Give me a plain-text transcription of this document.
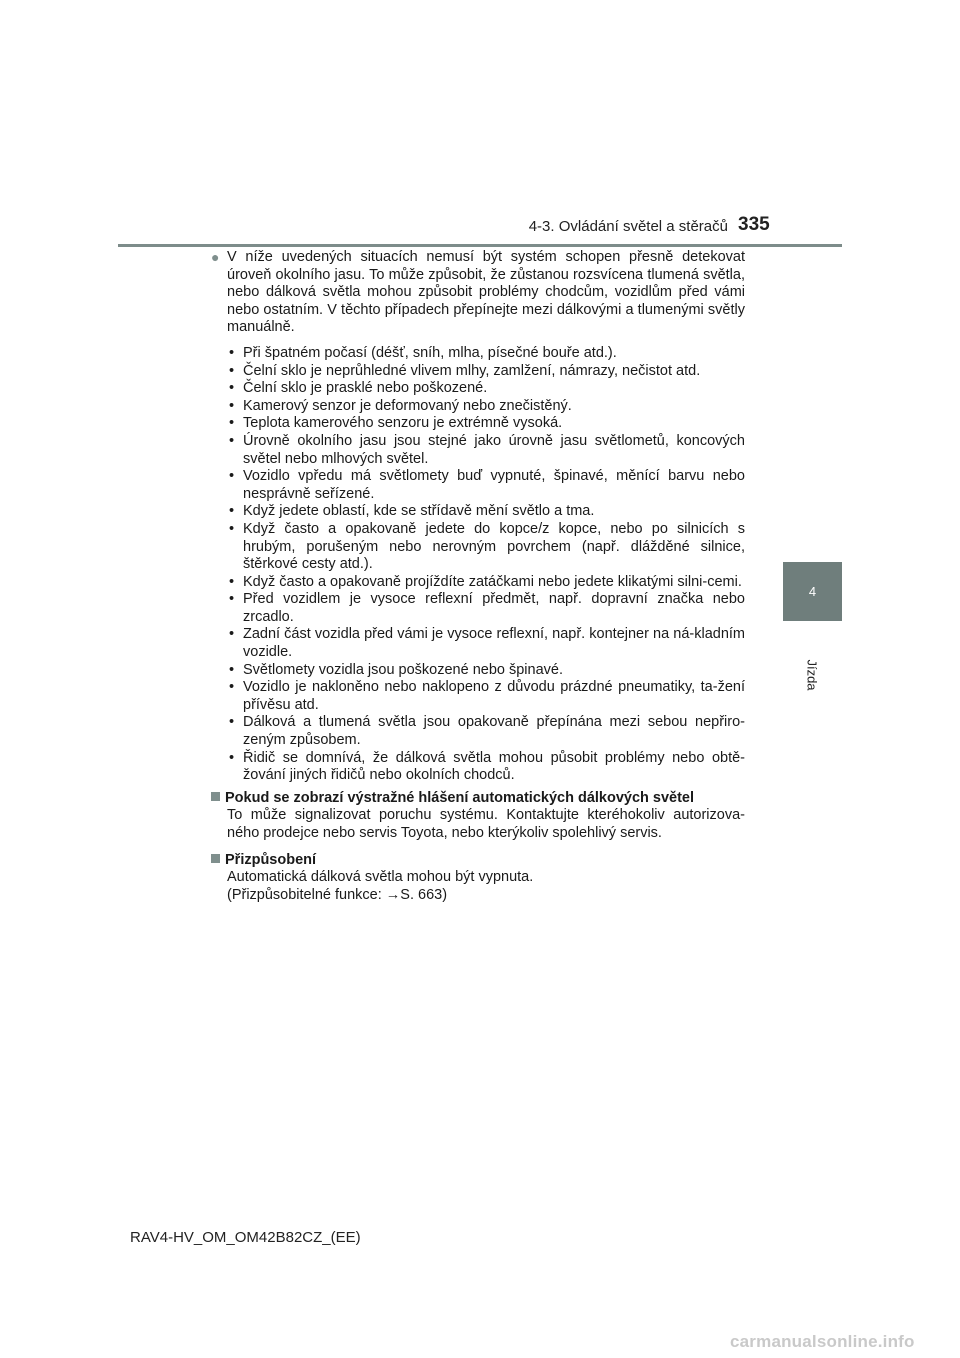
4-3. Ovládání světel a stěračů 335
4
Jízda
● V níže uvedených situacích nemusí být systém schopen přesně detekovat úroveň okolního jasu. To může způsobit, že zůstanou rozsvícena tlumená světla, nebo dálková světla mohou způsobit problémy chodcům, vozidlům před vámi nebo ostatním. V těchto případech přepínejte mezi dálkovými a tlumenými světly manuálně.
• Při špatném počasí (déšť, sníh, mlha, písečné bouře atd.).
• Čelní sklo je neprůhledné vlivem mlhy, zamlžení, námrazy, nečistot atd.
• Čelní sklo je prasklé nebo poškozené.
• Kamerový senzor je deformovaný nebo znečistěný.
• Teplota kamerového senzoru je extrémně vysoká.
• Úrovně okolního jasu jsou stejné jako úrovně jasu světlometů, koncových světel nebo mlhových světel.
• Vozidlo vpředu má světlomety buď vypnuté, špinavé, měnící barvu nebo nesprávně seřízené.
• Když jedete oblastí, kde se střídavě mění světlo a tma.
• Když často a opakovaně jedete do kopce/z kopce, nebo po silnicích s hrubým, porušeným nebo nerovným povrchem (např. dlážděné silnice, štěrkové cesty atd.).
• Když často a opakovaně projíždíte zatáčkami nebo jedete klikatými silni-cemi.
• Před vozidlem je vysoce reflexní předmět, např. dopravní značka nebo zrcadlo.
• Zadní část vozidla před vámi je vysoce reflexní, např. kontejner na ná-kladním vozidle.
• Světlomety vozidla jsou poškozené nebo špinavé.
• Vozidlo je nakloněno nebo naklopeno z důvodu prázdné pneumatiky, ta-žení přívěsu atd.
• Dálková a tlumená světla jsou opakovaně přepínána mezi sebou nepřiro-zeným způsobem.
• Řidič se domnívá, že dálková světla mohou působit problémy nebo obtě-žování jiných řidičů nebo okolních chodců.
Pokud se zobrazí výstražné hlášení automatických dálkových světel
To může signalizovat poruchu systému. Kontaktujte kteréhokoliv autorizova-ného prodejce nebo servis Toyota, nebo kterýkoliv spolehlivý servis.
Přizpůsobení
Automatická dálková světla mohou být vypnuta.
(Přizpůsobitelné funkce: →S. 663)
RAV4-HV_OM_OM42B82CZ_(EE)
carmanualsonline.info
